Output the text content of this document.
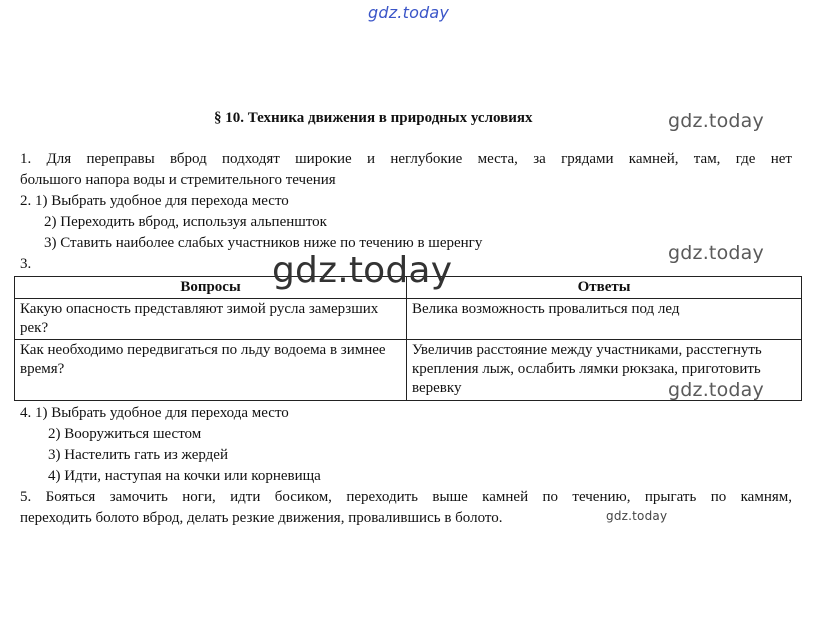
gdz.today
§ 10. Техника движения в природных условиях	gdz.today
1. Для переправы вброд подходят широкие и неглубокие места, за грядами камней, там, где нет
большого напора воды и стремительного течения
2. 1) Выбрать удобное для перехода место
2) Переходить вброд, используя альпеншток
3) Ставить наиболее слабых участников ниже по течению в шеренгу	gdz.today
3.
Вопросы	Ответы
Какую опасность представляют зимой русла замерзших рек?	Велика возможность провалиться под лед
Как необходимо передвигаться по льду водоема в зимнее время?	Увеличив расстояние между участниками, расстегнуть крепления лыж, ослабить лямки рюкзака, приготовить веревку
gdz.today
gdz.today
4. 1) Выбрать удобное для перехода место
2) Вооружиться шестом
3) Настелить гать из жердей
4) Идти, наступая на кочки или корневища
5. Бояться замочить ноги, идти босиком, переходить выше камней по течению, прыгать по камням,
переходить болото вброд, делать резкие движения, провалившись в болото.	gdz.today
